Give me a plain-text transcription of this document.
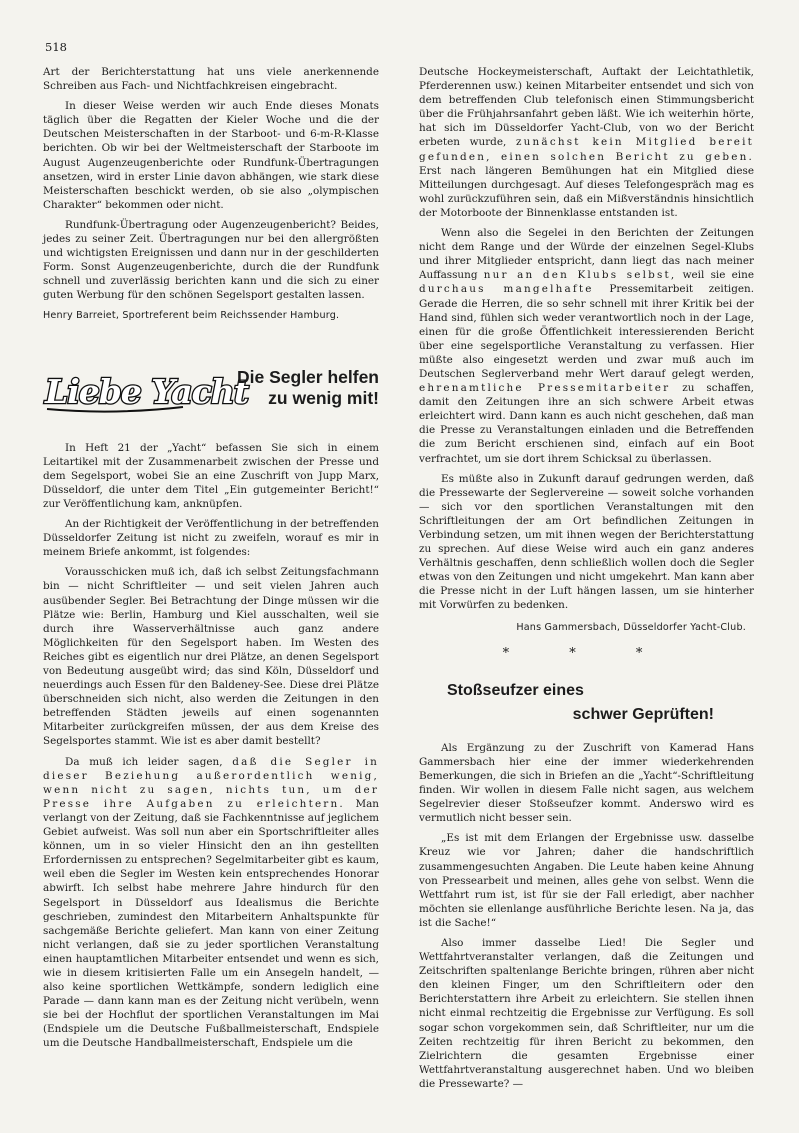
518

Art der Berichterstattung hat uns viele anerkennende Schreiben aus Fach- und Nichtfachkreisen eingebracht.

In dieser Weise werden wir auch Ende dieses Monats täglich über die Regatten der Kieler Woche und die der Deutschen Meisterschaften in der Starboot- und 6-m-R-Klasse berichten. Ob wir bei der Weltmeisterschaft der Starboote im August Augenzeugenberichte oder Rundfunk-Übertragungen ansetzen, wird in erster Linie davon abhängen, wie stark diese Meisterschaften beschickt werden, ob sie also „olympischen Charakter“ bekommen oder nicht.

Rundfunk-Übertragung oder Augenzeugenbericht? Beides, jedes zu seiner Zeit. Übertragungen nur bei den allergrößten und wichtigsten Ereignissen und dann nur in der geschilderten Form. Sonst Augenzeugenberichte, durch die der Rundfunk schnell und zuverlässig berichten kann und die sich zu einer guten Werbung für den schönen Segelsport gestalten lassen.

Henry Barreiet, Sportreferent beim Reichssender Hamburg.
Liebe Yacht
Die Segler helfen
zu wenig mit!

In Heft 21 der „Yacht“ befassen Sie sich in einem Leitartikel mit der Zusammenarbeit zwischen der Presse und dem Segelsport, wobei Sie an eine Zuschrift von Jupp Marx, Düsseldorf, die unter dem Titel „Ein gutgemeinter Bericht!“ zur Veröffentlichung kam, anknüpfen.

An der Richtigkeit der Veröffentlichung in der betreffenden Düsseldorfer Zeitung ist nicht zu zweifeln, worauf es mir in meinem Briefe ankommt, ist folgendes:

Vorausschicken muß ich, daß ich selbst Zeitungsfachmann bin — nicht Schriftleiter — und seit vielen Jahren auch ausübender Segler. Bei Betrachtung der Dinge müssen wir die Plätze wie: Berlin, Hamburg und Kiel ausschalten, weil sie durch ihre Wasserverhältnisse auch ganz andere Möglichkeiten für den Segelsport haben. Im Westen des Reiches gibt es eigentlich nur drei Plätze, an denen Segelsport von Bedeutung ausgeübt wird; das sind Köln, Düsseldorf und neuerdings auch Essen für den Baldeney-See. Diese drei Plätze überschneiden sich nicht, also werden die Zeitungen in den betreffenden Städten jeweils auf einen sogenannten Mitarbeiter zurückgreifen müssen, der aus dem Kreise des Segelsportes stammt. Wie ist es aber damit bestellt?

Da muß ich leider sagen, daß die Segler in dieser Beziehung außerordentlich wenig, wenn nicht zu sagen, nichts tun, um der Presse ihre Aufgaben zu erleichtern. Man verlangt von der Zeitung, daß sie Fachkenntnisse auf jeglichem Gebiet aufweist. Was soll nun aber ein Sportschriftleiter alles können, um in so vieler Hinsicht den an ihn gestellten Erfordernissen zu entsprechen? Segelmitarbeiter gibt es kaum, weil eben die Segler im Westen kein entsprechendes Honorar abwirft. Ich selbst habe mehrere Jahre hindurch für den Segelsport in Düsseldorf aus Idealismus die Berichte geschrieben, zumindest den Mitarbeitern Anhaltspunkte für sachgemäße Berichte geliefert. Man kann von einer Zeitung nicht verlangen, daß sie zu jeder sportlichen Veranstaltung einen hauptamtlichen Mitarbeiter entsendet und wenn es sich, wie in diesem kritisierten Falle um ein Ansegeln handelt, — also keine sportlichen Wettkämpfe, sondern lediglich eine Parade — dann kann man es der Zeitung nicht verübeln, wenn sie bei der Hochflut der sportlichen Veranstaltungen im Mai (Endspiele um die Deutsche Fußballmeisterschaft, Endspiele um die Deutsche Handballmeisterschaft, Endspiele um die

Deutsche Hockeymeisterschaft, Auftakt der Leichtathletik, Pferderennen usw.) keinen Mitarbeiter entsendet und sich von dem betreffenden Club telefonisch einen Stimmungsbericht über die Frühjahrsanfahrt geben läßt. Wie ich weiterhin hörte, hat sich im Düsseldorfer Yacht-Club, von wo der Bericht erbeten wurde, zunächst kein Mitglied bereit gefunden, einen solchen Bericht zu geben. Erst nach längeren Bemühungen hat ein Mitglied diese Mitteilungen durchgesagt. Auf dieses Telefongespräch mag es wohl zurückzuführen sein, daß ein Mißverständnis hinsichtlich der Motorboote der Binnenklasse entstanden ist.

Wenn also die Segelei in den Berichten der Zeitungen nicht dem Range und der Würde der einzelnen Segel-Klubs und ihrer Mitglieder entspricht, dann liegt das nach meiner Auffassung nur an den Klubs selbst, weil sie eine durchaus mangelhafte Pressemitarbeit zeitigen. Gerade die Herren, die so sehr schnell mit ihrer Kritik bei der Hand sind, fühlen sich weder verantwortlich noch in der Lage, einen für die große Öffentlichkeit interessierenden Bericht über eine segelsportliche Veranstaltung zu verfassen. Hier müßte also eingesetzt werden und zwar muß auch im Deutschen Seglerverband mehr Wert darauf gelegt werden, ehrenamtliche Pressemitarbeiter zu schaffen, damit den Zeitungen ihre an sich schwere Arbeit etwas erleichtert wird. Dann kann es auch nicht geschehen, daß man die Presse zu Veranstaltungen einladen und die Betreffenden die zum Bericht erschienen sind, einfach auf ein Boot verfrachtet, um sie dort ihrem Schicksal zu überlassen.

Es müßte also in Zukunft darauf gedrungen werden, daß die Pressewarte der Seglervereine — soweit solche vorhanden — sich vor den sportlichen Veranstaltungen mit den Schriftleitungen der am Ort befindlichen Zeitungen in Verbindung setzen, um mit ihnen wegen der Berichterstattung zu sprechen. Auf diese Weise wird auch ein ganz anderes Verhältnis geschaffen, denn schließlich wollen doch die Segler etwas von den Zeitungen und nicht umgekehrt. Man kann aber die Presse nicht in der Luft hängen lassen, um sie hinterher mit Vorwürfen zu bedenken.

Hans Gammersbach, Düsseldorfer Yacht-Club.
* * *
Stoßseufzer eines
schwer Geprüften!

Als Ergänzung zu der Zuschrift von Kamerad Hans Gammersbach hier eine der immer wiederkehrenden Bemerkungen, die sich in Briefen an die „Yacht“-Schriftleitung finden. Wir wollen in diesem Falle nicht sagen, aus welchem Segelrevier dieser Stoßseufzer kommt. Anderswo wird es vermutlich nicht besser sein.

„Es ist mit dem Erlangen der Ergebnisse usw. dasselbe Kreuz wie vor Jahren; daher die handschriftlich zusammengesuchten Angaben. Die Leute haben keine Ahnung von Pressearbeit und meinen, alles gehe von selbst. Wenn die Wettfahrt rum ist, ist für sie der Fall erledigt, aber nachher möchten sie ellenlange ausführliche Berichte lesen. Na ja, das ist die Sache!“

Also immer dasselbe Lied! Die Segler und Wettfahrtveranstalter verlangen, daß die Zeitungen und Zeitschriften spaltenlange Berichte bringen, rühren aber nicht den kleinen Finger, um den Schriftleitern oder den Berichterstattern ihre Arbeit zu erleichtern. Sie stellen ihnen nicht einmal rechtzeitig die Ergebnisse zur Verfügung. Es soll sogar schon vorgekommen sein, daß Schriftleiter, nur um die Zeiten rechtzeitig für ihren Bericht zu bekommen, den Zielrichtern die gesamten Ergebnisse einer Wettfahrtveranstaltung ausgerechnet haben. Und wo bleiben die Pressewarte? —
